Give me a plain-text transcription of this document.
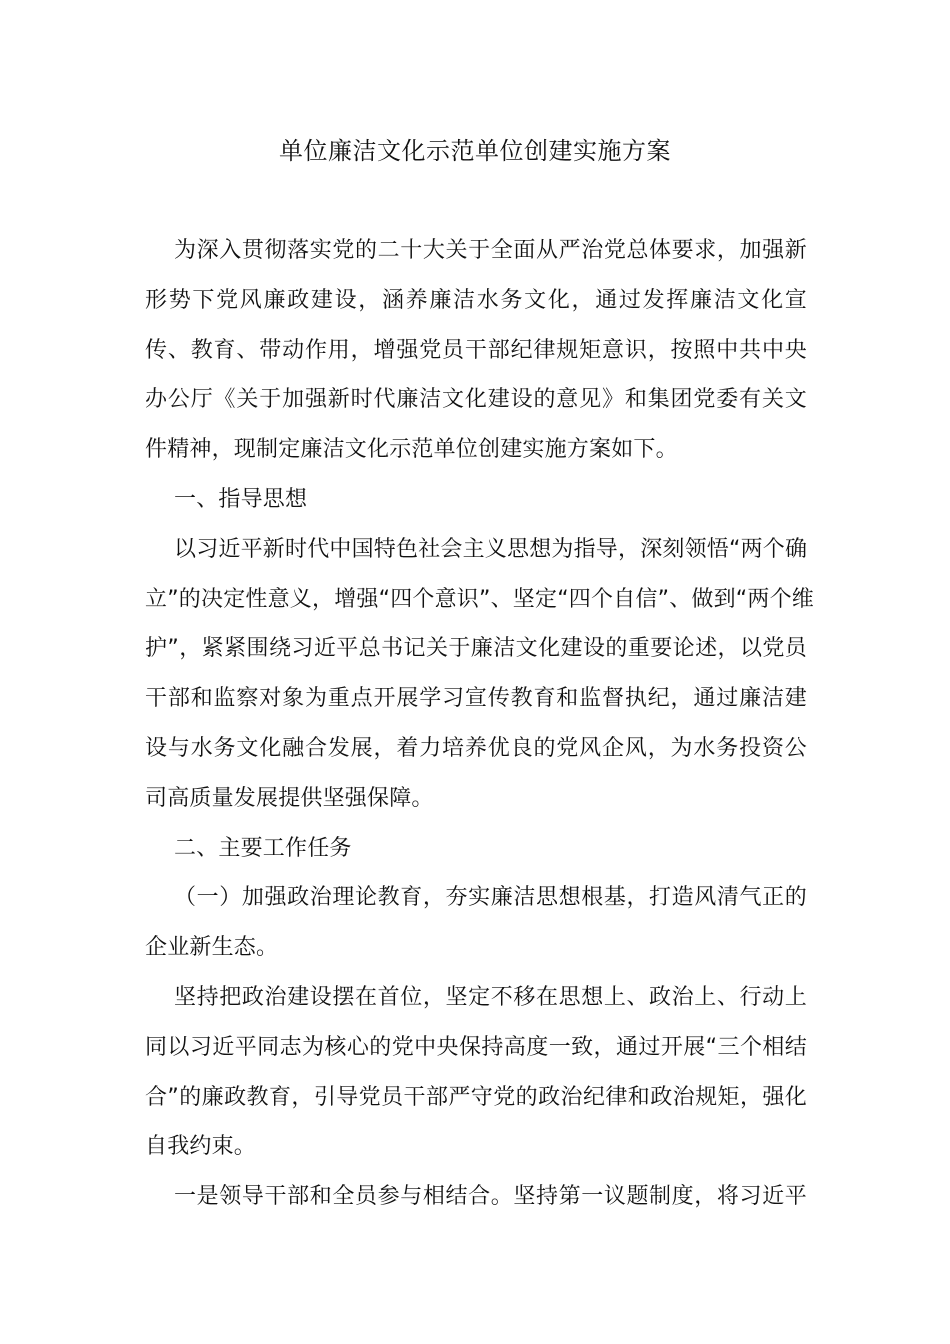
单位廉洁文化示范单位创建实施方案
为深入贯彻落实党的二十大关于全面从严治党总体要求，加强新
形势下党风廉政建设，涵养廉洁水务文化，通过发挥廉洁文化宣
传、教育、带动作用，增强党员干部纪律规矩意识，按照中共中央
办公厅《关于加强新时代廉洁文化建设的意见》和集团党委有关文
件精神，现制定廉洁文化示范单位创建实施方案如下。
一、指导思想
以习近平新时代中国特色社会主义思想为指导，深刻领悟“两个确
立”的决定性意义，增强“四个意识”、坚定“四个自信”、做到“两个维
护”，紧紧围绕习近平总书记关于廉洁文化建设的重要论述，以党员
干部和监察对象为重点开展学习宣传教育和监督执纪，通过廉洁建
设与水务文化融合发展，着力培养优良的党风企风，为水务投资公
司高质量发展提供坚强保障。
二、主要工作任务
（一）加强政治理论教育，夯实廉洁思想根基，打造风清气正的
企业新生态。
坚持把政治建设摆在首位，坚定不移在思想上、政治上、行动上
同以习近平同志为核心的党中央保持高度一致，通过开展“三个相结
合”的廉政教育，引导党员干部严守党的政治纪律和政治规矩，强化
自我约束。
一是领导干部和全员参与相结合。坚持第一议题制度，将习近平
